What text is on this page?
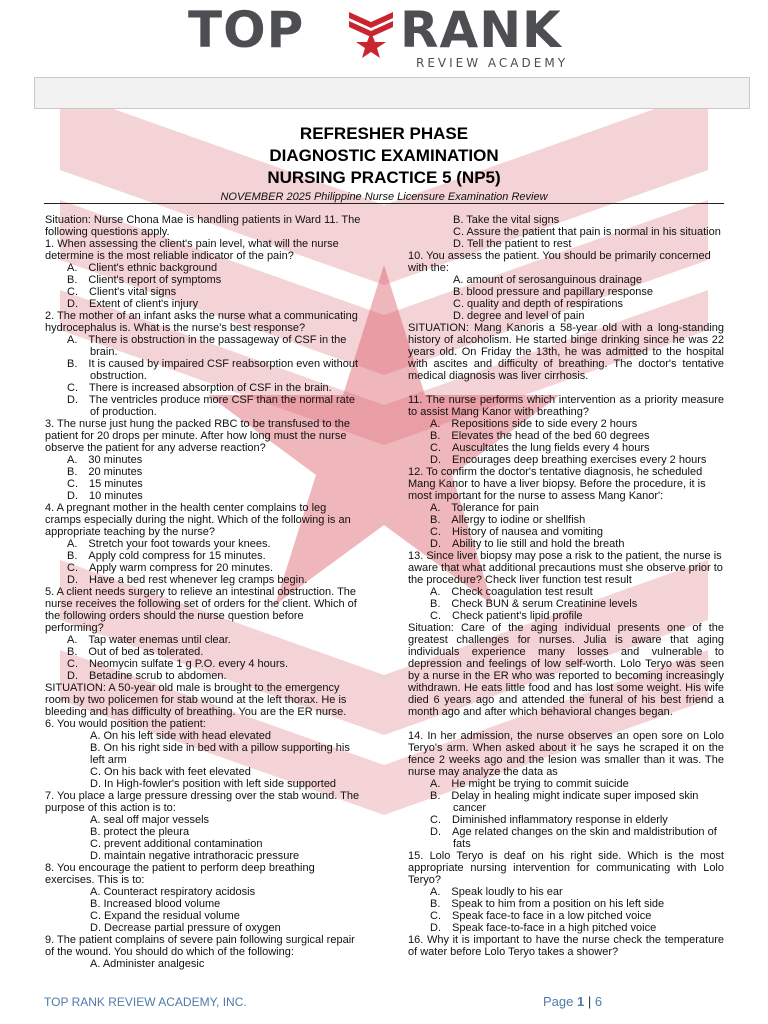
TOP RANK
REVIEW ACADEMY
REFRESHER PHASE
DIAGNOSTIC EXAMINATION
NURSING PRACTICE 5 (NP5)
NOVEMBER 2025 Philippine Nurse Licensure Examination Review
Situation: Nurse Chona Mae is handling patients in Ward 11. The following questions apply.
1. When assessing the client's pain level, what will the nurse determine is the most reliable indicator of the pain?
A. Client's ethnic background
B. Client's report of symptoms
C. Client's vital signs
D. Extent of client's injury
2. The mother of an infant asks the nurse what a communicating hydrocephalus is. What is the nurse's best response?
A. There is obstruction in the passageway of CSF in the brain.
B. It is caused by impaired CSF reabsorption even without obstruction.
C. There is increased absorption of CSF in the brain.
D. The ventricles produce more CSF than the normal rate of production.
3. The nurse just hung the packed RBC to be transfused to the patient for 20 drops per minute. After how long must the nurse observe the patient for any adverse reaction?
A. 30 minutes
B. 20 minutes
C. 15 minutes
D. 10 minutes
4. A pregnant mother in the health center complains to leg cramps especially during the night. Which of the following is an appropriate teaching by the nurse?
A. Stretch your foot towards your knees.
B. Apply cold compress for 15 minutes.
C. Apply warm compress for 20 minutes.
D. Have a bed rest whenever leg cramps begin.
5. A client needs surgery to relieve an intestinal obstruction. The nurse receives the following set of orders for the client. Which of the following orders should the nurse question before performing?
A. Tap water enemas until clear.
B. Out of bed as tolerated.
C. Neomycin sulfate 1 g P.O. every 4 hours.
D. Betadine scrub to abdomen.
SITUATION: A 50-year old male is brought to the emergency room by two policemen for stab wound at the left thorax. He is bleeding and has difficulty of breathing. You are the ER nurse.
6. You would position the patient:
A. On his left side with head elevated
B. On his right side in bed with a pillow supporting his left arm
C. On his back with feet elevated
D. In High-fowler's position with left side supported
7. You place a large pressure dressing over the stab wound. The purpose of this action is to:
A. seal off major vessels
B. protect the pleura
C. prevent additional contamination
D. maintain negative intrathoracic pressure
8. You encourage the patient to perform deep breathing exercises. This is to:
A. Counteract respiratory acidosis
B. Increased blood volume
C. Expand the residual volume
D. Decrease partial pressure of oxygen
9. The patient complains of severe pain following surgical repair of the wound. You should do which of the following:
A. Administer analgesic
B. Take the vital signs
C. Assure the patient that pain is normal in his situation
D. Tell the patient to rest
10. You assess the patient. You should be primarily concerned with the:
A. amount of serosanguinous drainage
B. blood pressure and papillary response
C. quality and depth of respirations
D. degree and level of pain
SITUATION: Mang Kanoris a 58-year old with a long-standing history of alcoholism. He started binge drinking since he was 22 years old. On Friday the 13th, he was admitted to the hospital with ascites and difficulty of breathing. The doctor's tentative medical diagnosis was liver cirrhosis.
11. The nurse performs which intervention as a priority measure to assist Mang Kanor with breathing?
A. Repositions side to side every 2 hours
B. Elevates the head of the bed 60 degrees
C. Auscultates the lung fields every 4 hours
D. Encourages deep breathing exercises every 2 hours
12. To confirm the doctor's tentative diagnosis, he scheduled Mang Kanor to have a liver biopsy. Before the procedure, it is most important for the nurse to assess Mang Kanor':
A. Tolerance for pain
B. Allergy to iodine or shellfish
C. History of nausea and vomiting
D. Ability to lie still and hold the breath
13. Since liver biopsy may pose a risk to the patient, the nurse is aware that what additional precautions must she observe prior to the procedure? Check liver function test result
A. Check coagulation test result
B. Check BUN & serum Creatinine levels
C. Check patient's lipid profile
Situation: Care of the aging individual presents one of the greatest challenges for nurses. Julia is aware that aging individuals experience many losses and vulnerable to depression and feelings of low self-worth. Lolo Teryo was seen by a nurse in the ER who was reported to becoming increasingly withdrawn. He eats little food and has lost some weight. His wife died 6 years ago and attended the funeral of his best friend a month ago and after which behavioral changes began.
14. In her admission, the nurse observes an open sore on Lolo Teryo's arm. When asked about it he says he scraped it on the fence 2 weeks ago and the lesion was smaller than it was. The nurse may analyze the data as
A. He might be trying to commit suicide
B. Delay in healing might indicate super imposed skin cancer
C. Diminished inflammatory response in elderly
D. Age related changes on the skin and maldistribution of fats
15. Lolo Teryo is deaf on his right side. Which is the most appropriate nursing intervention for communicating with Lolo Teryo?
A. Speak loudly to his ear
B. Speak to him from a position on his left side
C. Speak face-to face in a low pitched voice
D. Speak face-to-face in a high pitched voice
16. Why it is important to have the nurse check the temperature of water before Lolo Teryo takes a shower?
TOP RANK REVIEW ACADEMY, INC.	Page 1 | 6
